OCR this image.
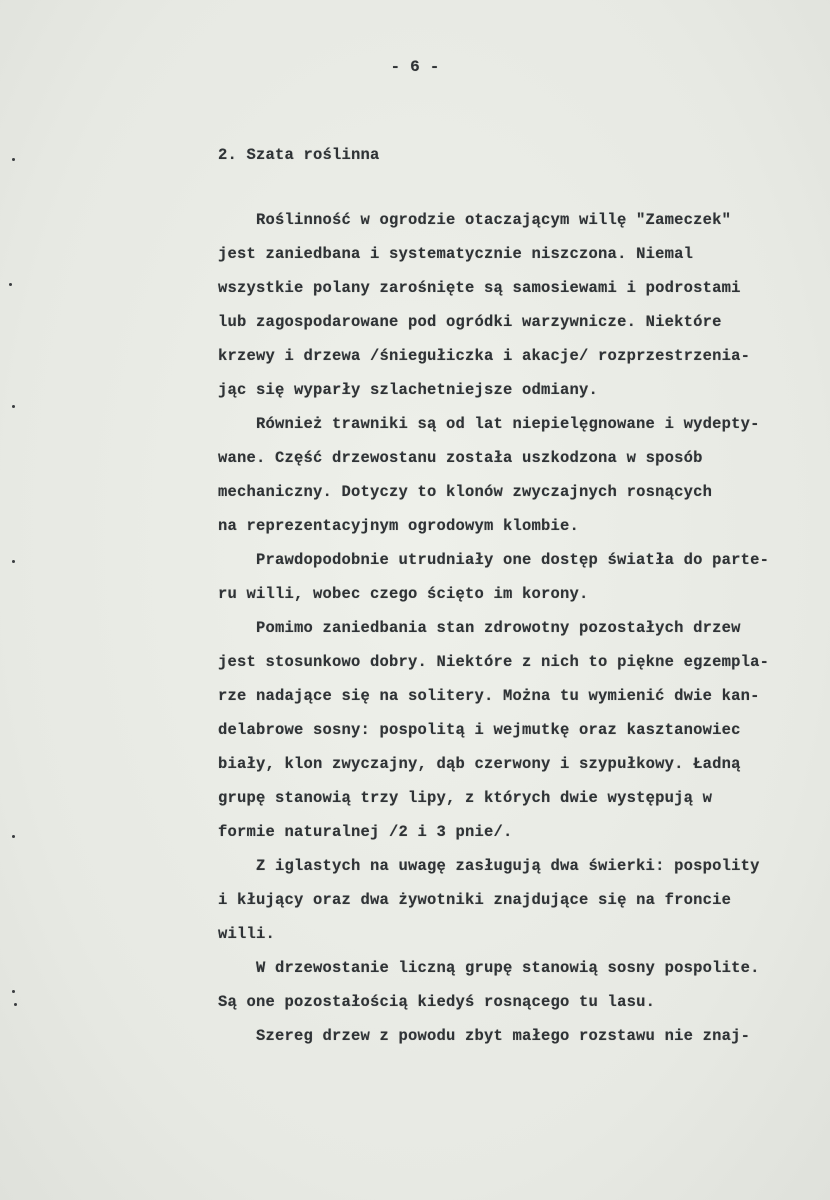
- 6 -
2. Szata roślinna
Roślinność w ogrodzie otaczającym willę "Zameczek"
jest zaniedbana i systematycznie niszczona. Niemal
wszystkie polany zarośnięte są samosiewami i podrostami
lub zagospodarowane pod ogródki warzywnicze. Niektóre
krzewy i drzewa /śniegułiczka i akacje/ rozprzestrzenia-
jąc się wyparły szlachetniejsze odmiany.
Również trawniki są od lat niepielęgnowane i wydepty-
wane. Część drzewostanu została uszkodzona w sposób
mechaniczny. Dotyczy to klonów zwyczajnych rosnących
na reprezentacyjnym ogrodowym klombie.
Prawdopodobnie utrudniały one dostęp światła do parte-
ru willi, wobec czego ścięto im korony.
Pomimo zaniedbania stan zdrowotny pozostałych drzew
jest stosunkowo dobry. Niektóre z nich to piękne egzempla-
rze nadające się na solitery. Można tu wymienić dwie kan-
delabrowe sosny: pospolitą i wejmutkę oraz kasztanowiec
biały, klon zwyczajny, dąb czerwony i szypułkowy. Ładną
grupę stanowią trzy lipy, z których dwie występują w
formie naturalnej /2 i 3 pnie/.
Z iglastych na uwagę zasługują dwa świerki: pospolity
i kłujący oraz dwa żywotniki znajdujące się na froncie
willi.
W drzewostanie liczną grupę stanowią sosny pospolite.
Są one pozostałością kiedyś rosnącego tu lasu.
Szereg drzew z powodu zbyt małego rozstawu nie znaj-
